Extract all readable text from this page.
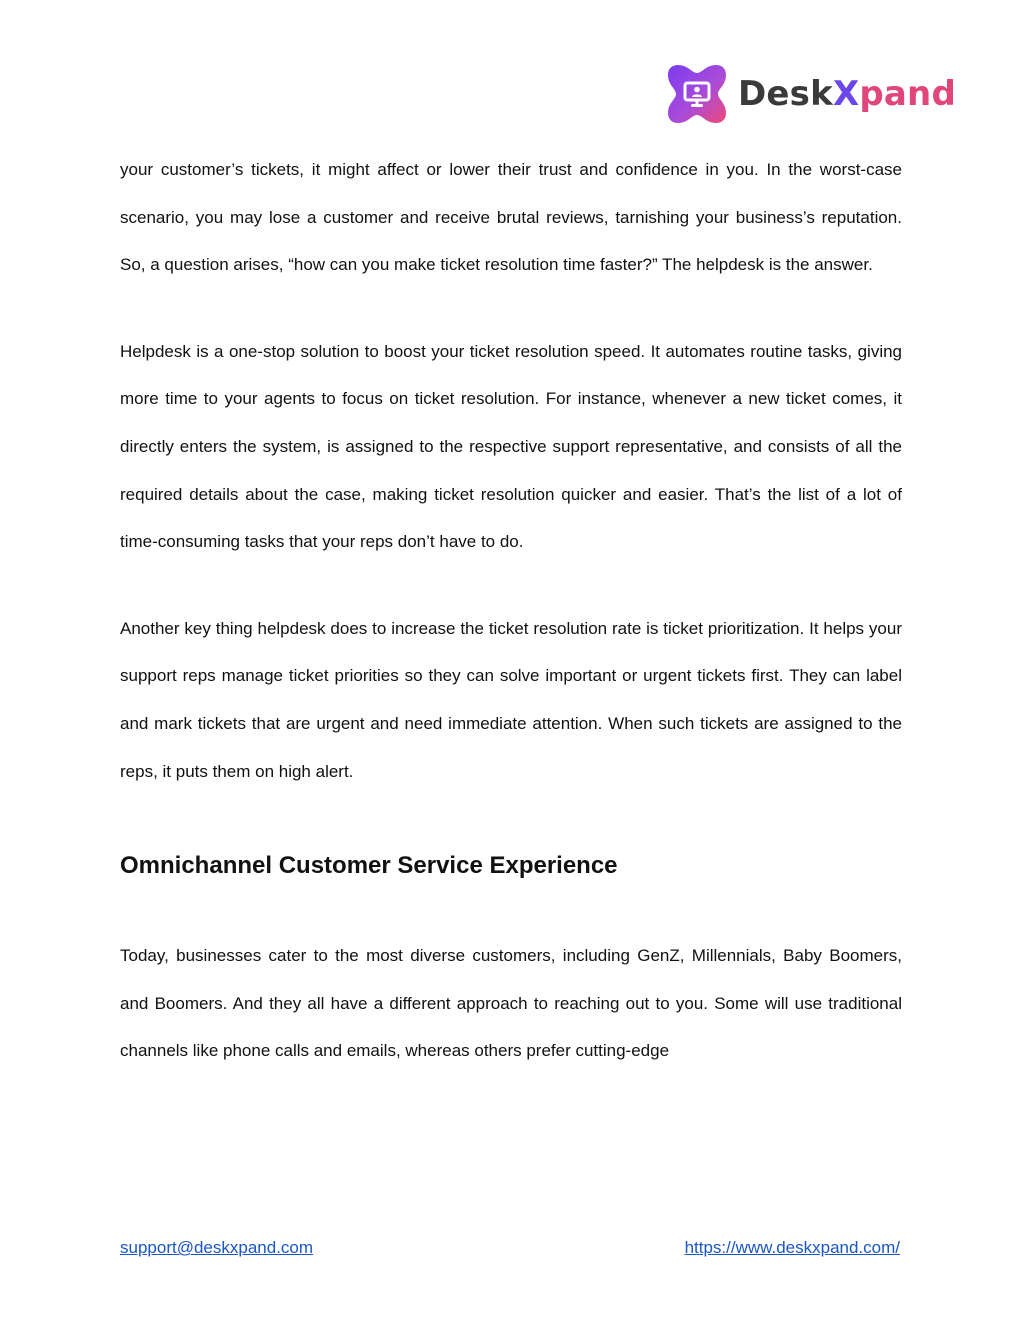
DeskXpand

your customer’s tickets, it might affect or lower their trust and confidence in you. In the worst-case scenario, you may lose a customer and receive brutal reviews, tarnishing your business’s reputation. So, a question arises, “how can you make ticket resolution time faster?” The helpdesk is the answer.

Helpdesk is a one-stop solution to boost your ticket resolution speed. It automates routine tasks, giving more time to your agents to focus on ticket resolution. For instance, whenever a new ticket comes, it directly enters the system, is assigned to the respective support representative, and consists of all the required details about the case, making ticket resolution quicker and easier. That’s the list of a lot of time-consuming tasks that your reps don’t have to do.

Another key thing helpdesk does to increase the ticket resolution rate is ticket prioritization. It helps your support reps manage ticket priorities so they can solve important or urgent tickets first. They can label and mark tickets that are urgent and need immediate attention. When such tickets are assigned to the reps, it puts them on high alert.

Omnichannel Customer Service Experience

Today, businesses cater to the most diverse customers, including GenZ, Millennials, Baby Boomers, and Boomers. And they all have a different approach to reaching out to you. Some will use traditional channels like phone calls and emails, whereas others prefer cutting-edge

support@deskxpand.com	https://www.deskxpand.com/
